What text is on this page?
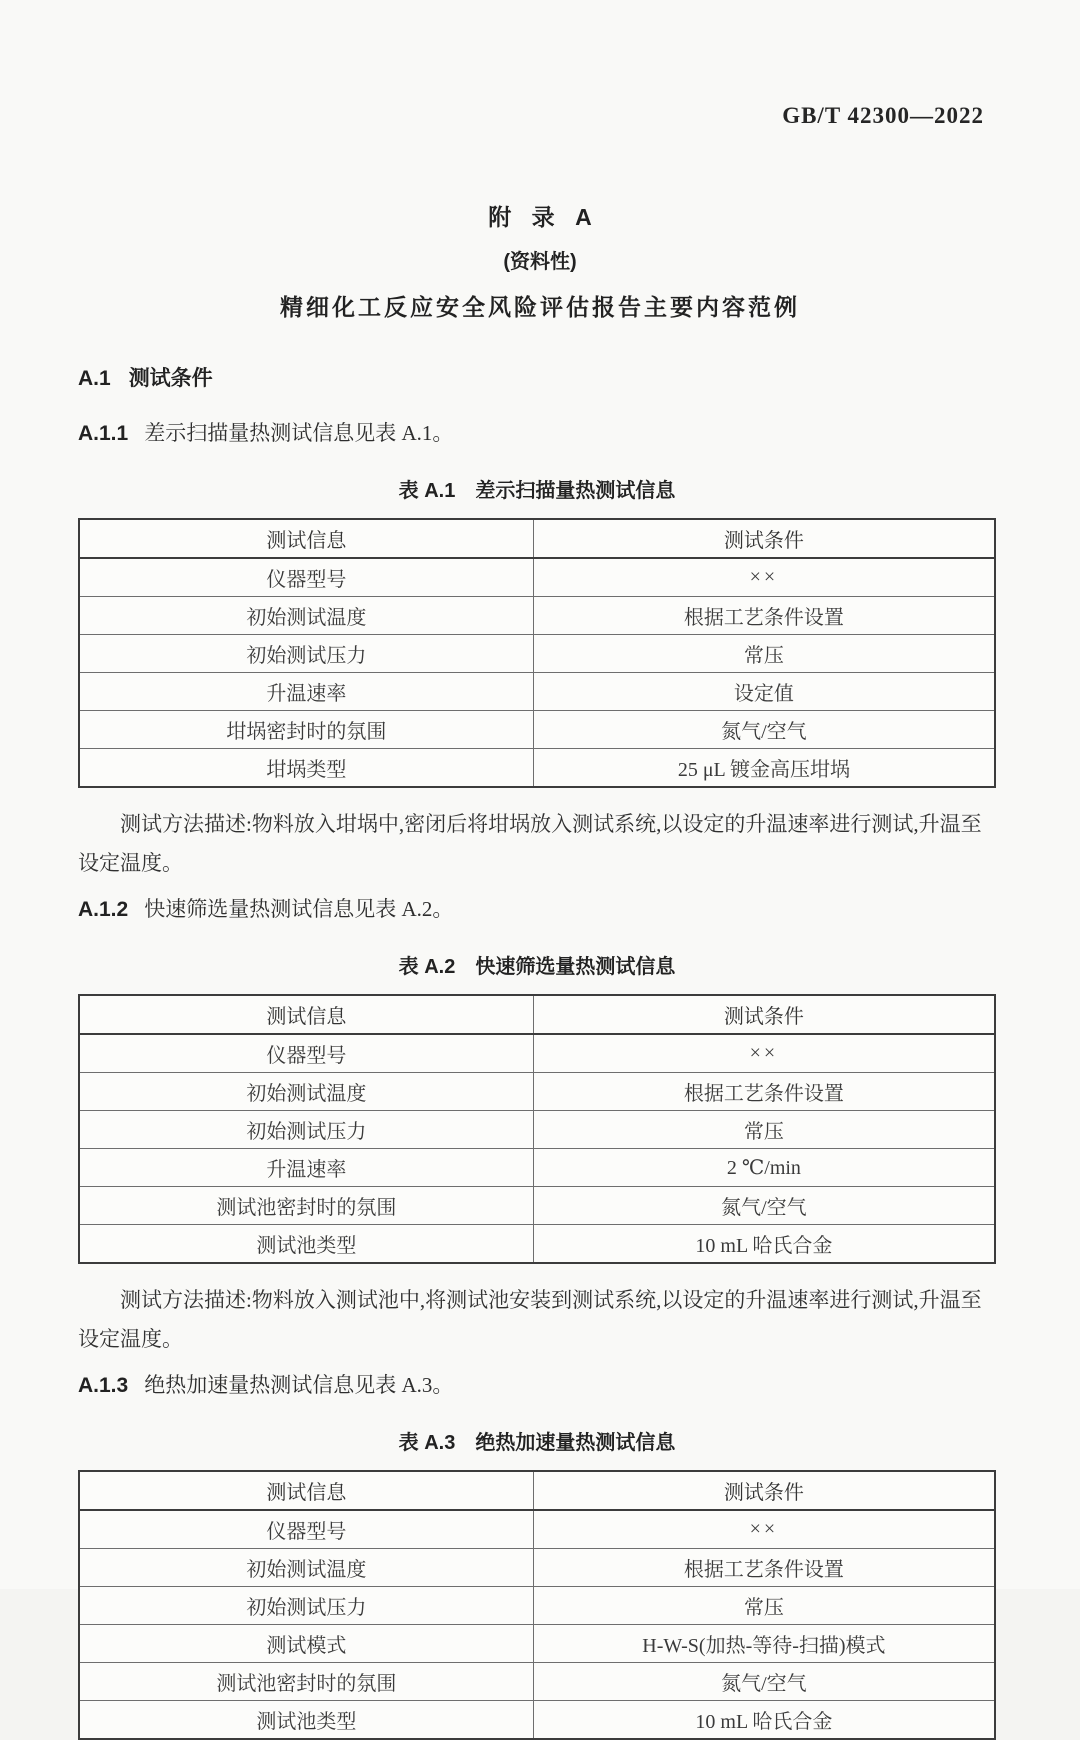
GB/T 42300—2022
附 录 A
(资料性)
精细化工反应安全风险评估报告主要内容范例
A.1 测试条件
A.1.1 差示扫描量热测试信息见表 A.1。
表 A.1 差示扫描量热测试信息
测试信息	测试条件
仪器型号	××
初始测试温度	根据工艺条件设置
初始测试压力	常压
升温速率	设定值
坩埚密封时的氛围	氮气/空气
坩埚类型	25 μL 镀金高压坩埚
测试方法描述:物料放入坩埚中,密闭后将坩埚放入测试系统,以设定的升温速率进行测试,升温至设定温度。
A.1.2 快速筛选量热测试信息见表 A.2。
表 A.2 快速筛选量热测试信息
测试信息	测试条件
仪器型号	××
初始测试温度	根据工艺条件设置
初始测试压力	常压
升温速率	2 ℃/min
测试池密封时的氛围	氮气/空气
测试池类型	10 mL 哈氏合金
测试方法描述:物料放入测试池中,将测试池安装到测试系统,以设定的升温速率进行测试,升温至设定温度。
A.1.3 绝热加速量热测试信息见表 A.3。
表 A.3 绝热加速量热测试信息
测试信息	测试条件
仪器型号	××
初始测试温度	根据工艺条件设置
初始测试压力	常压
测试模式	H-W-S(加热-等待-扫描)模式
测试池密封时的氛围	氮气/空气
测试池类型	10 mL 哈氏合金
